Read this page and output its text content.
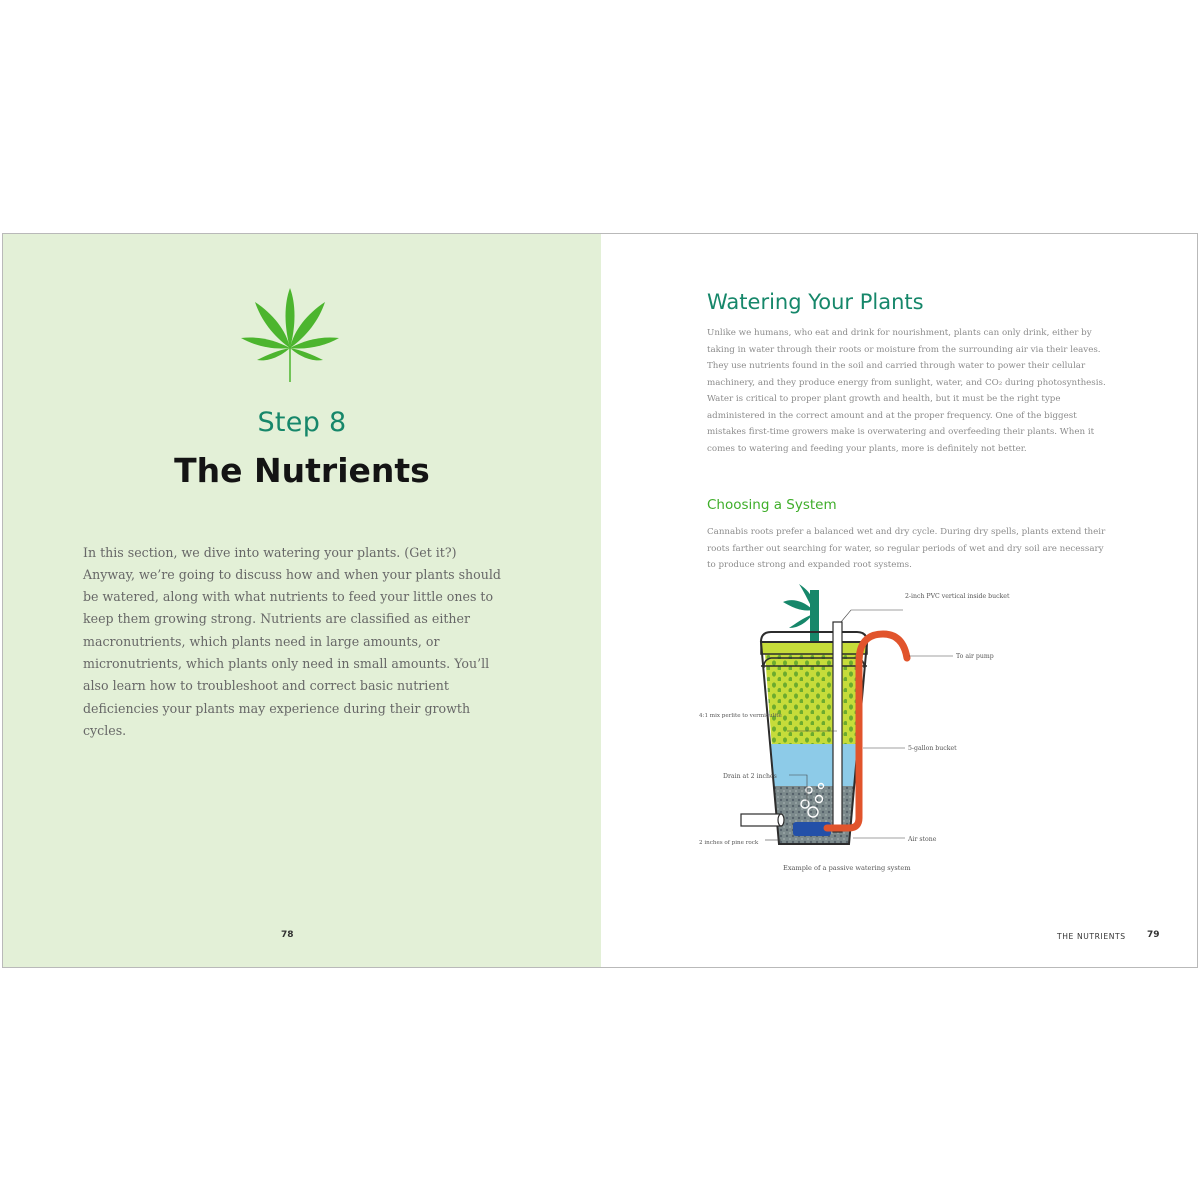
Step 8
The Nutrients

In this section, we dive into watering your plants. (Get it?) Anyway, we’re going to discuss how and when your plants should be watered, along with what nutrients to feed your little ones to keep them growing strong. Nutrients are classified as either macronutrients, which plants need in large amounts, or micronutrients, which plants only need in small amounts. You’ll also learn how to troubleshoot and correct basic nutrient deficiencies your plants may experience during their growth cycles.

78
Watering Your Plants

Unlike we humans, who eat and drink for nourishment, plants can only drink, either by taking in water through their roots or moisture from the surrounding air via their leaves. They use nutrients found in the soil and carried through water to power their cellular machinery, and they produce energy from sunlight, water, and CO₂ during photosynthesis. Water is critical to proper plant growth and health, but it must be the right type administered in the correct amount and at the proper frequency. One of the biggest mistakes first-time growers make is overwatering and overfeeding their plants. When it comes to watering and feeding your plants, more is definitely not better.

Choosing a System

Cannabis roots prefer a balanced wet and dry cycle. During dry spells, plants extend their roots farther out searching for water, so regular periods of wet and dry soil are necessary to produce strong and expanded root systems.

2-inch PVC vertical inside bucket
To air pump
4:1 mix perlite to vermiculite
5-gallon bucket
Drain at 2 inches
2 inches of pine rock	Air stone
Example of a passive watering system
THE NUTRIENTS 79
